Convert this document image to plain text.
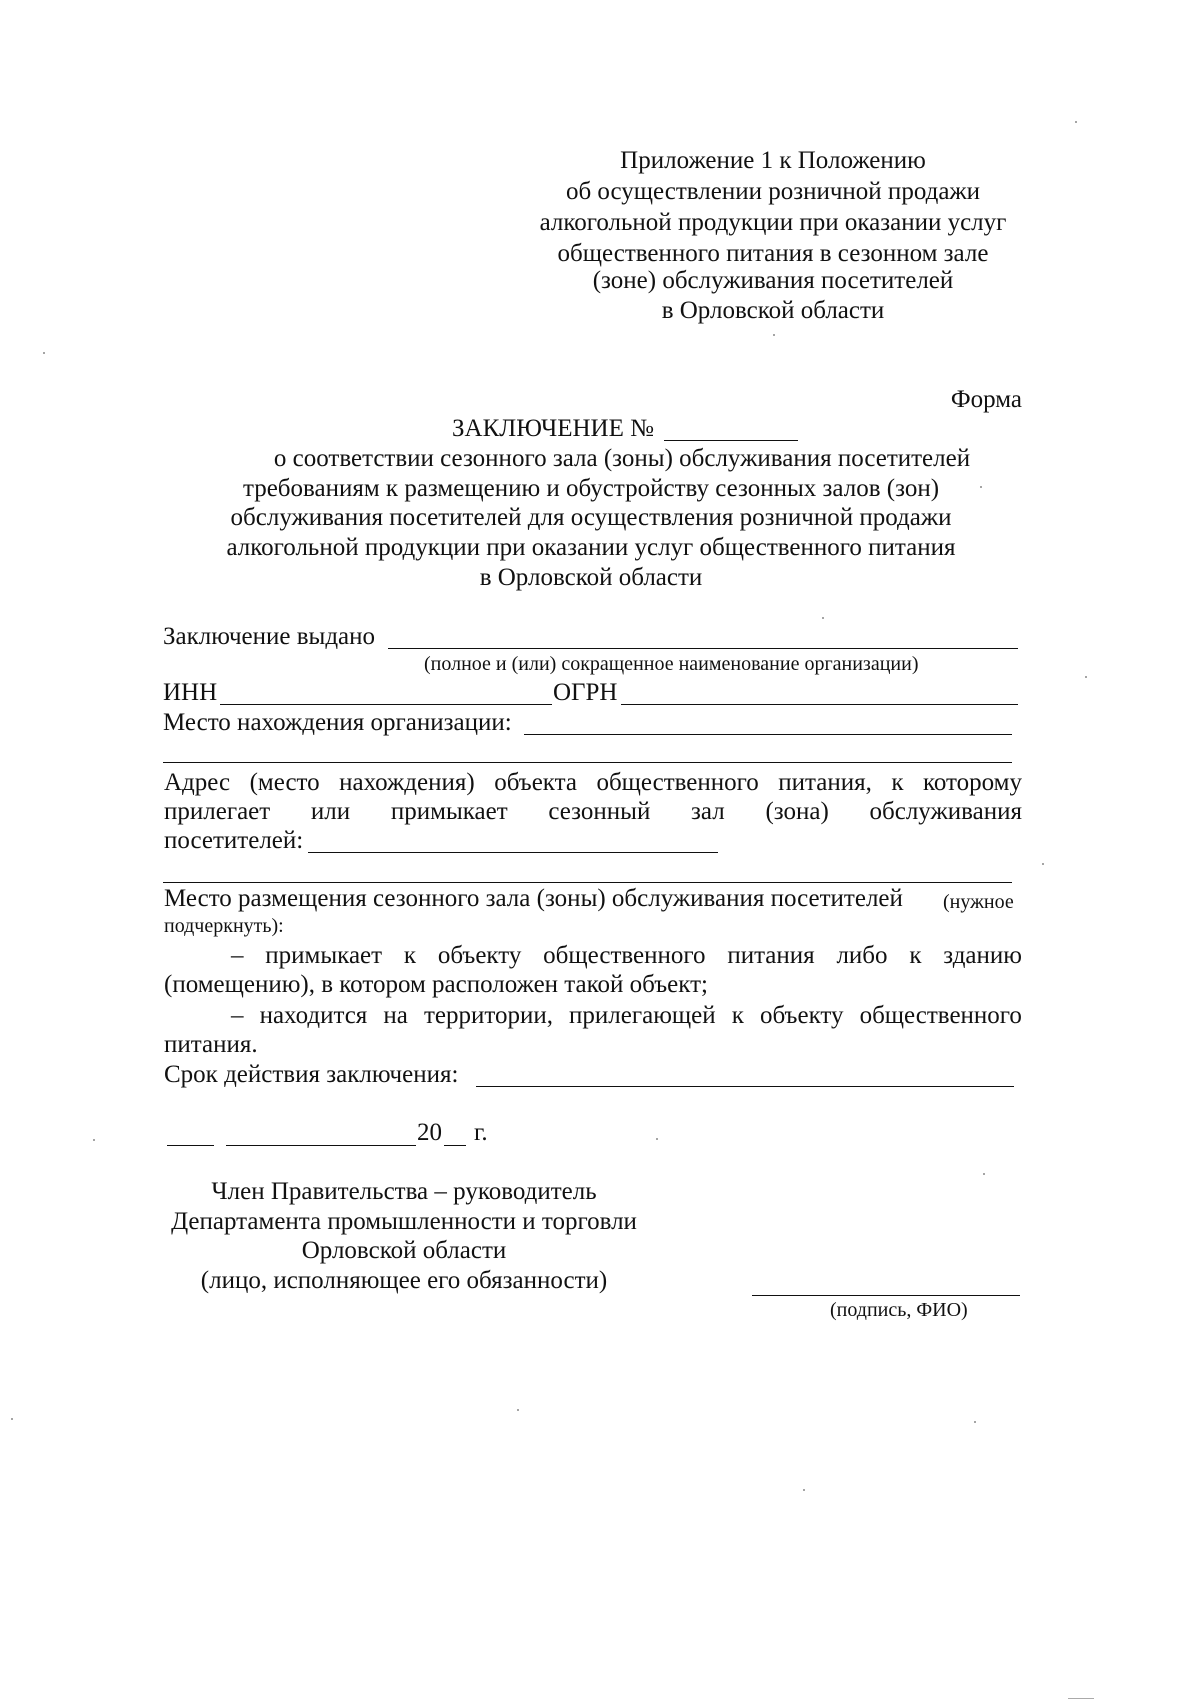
Приложение 1 к Положению
об осуществлении розничной продажи
алкогольной продукции при оказании услуг
общественного питания в сезонном зале
(зоне) обслуживания посетителей
в Орловской области
Форма
ЗАКЛЮЧЕНИЕ №
о соответствии сезонного зала (зоны) обслуживания посетителей
требованиям к размещению и обустройству сезонных залов (зон)
обслуживания посетителей для осуществления розничной продажи
алкогольной продукции при оказании услуг общественного питания
в Орловской области
Заключение выдано
(полное и (или) сокращенное наименование организации)
ИНН	ОГРН
Место нахождения организации:
Адрес (место нахождения) объекта общественного питания, к которому
прилегает или примыкает сезонный зал (зона) обслуживания
посетителей:
Место размещения сезонного зала (зоны) обслуживания посетителей (нужное
подчеркнуть):
– примыкает к объекту общественного питания либо к зданию
(помещению), в котором расположен такой объект;
– находится на территории, прилегающей к объекту общественного
питания.
Срок действия заключения:
20 г.
Член Правительства – руководитель
Департамента промышленности и торговли
Орловской области
(лицо, исполняющее его обязанности)
(подпись, ФИО)
